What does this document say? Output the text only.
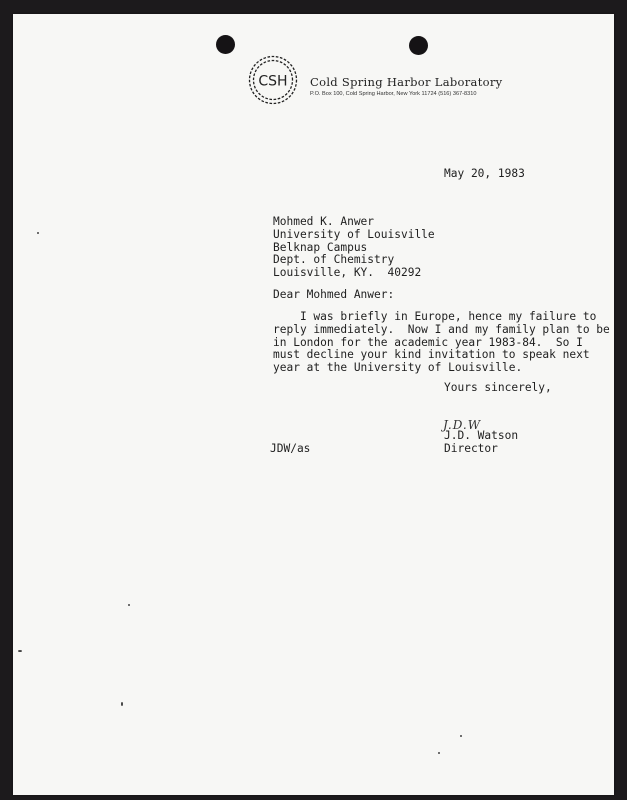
CSH Cold Spring Harbor Laboratory
P.O. Box 100, Cold Spring Harbor, New York 11724 (516) 367-8310
May 20, 1983
Mohmed K. Anwer
University of Louisville
Belknap Campus
Dept. of Chemistry
Louisville, KY.  40292
Dear Mohmed Anwer:
I was briefly in Europe, hence my failure to
reply immediately.  Now I and my family plan to be
in London for the academic year 1983-84.  So I
must decline your kind invitation to speak next
year at the University of Louisville.
Yours sincerely,
J.D.W
J.D. Watson
Director
JDW/as
